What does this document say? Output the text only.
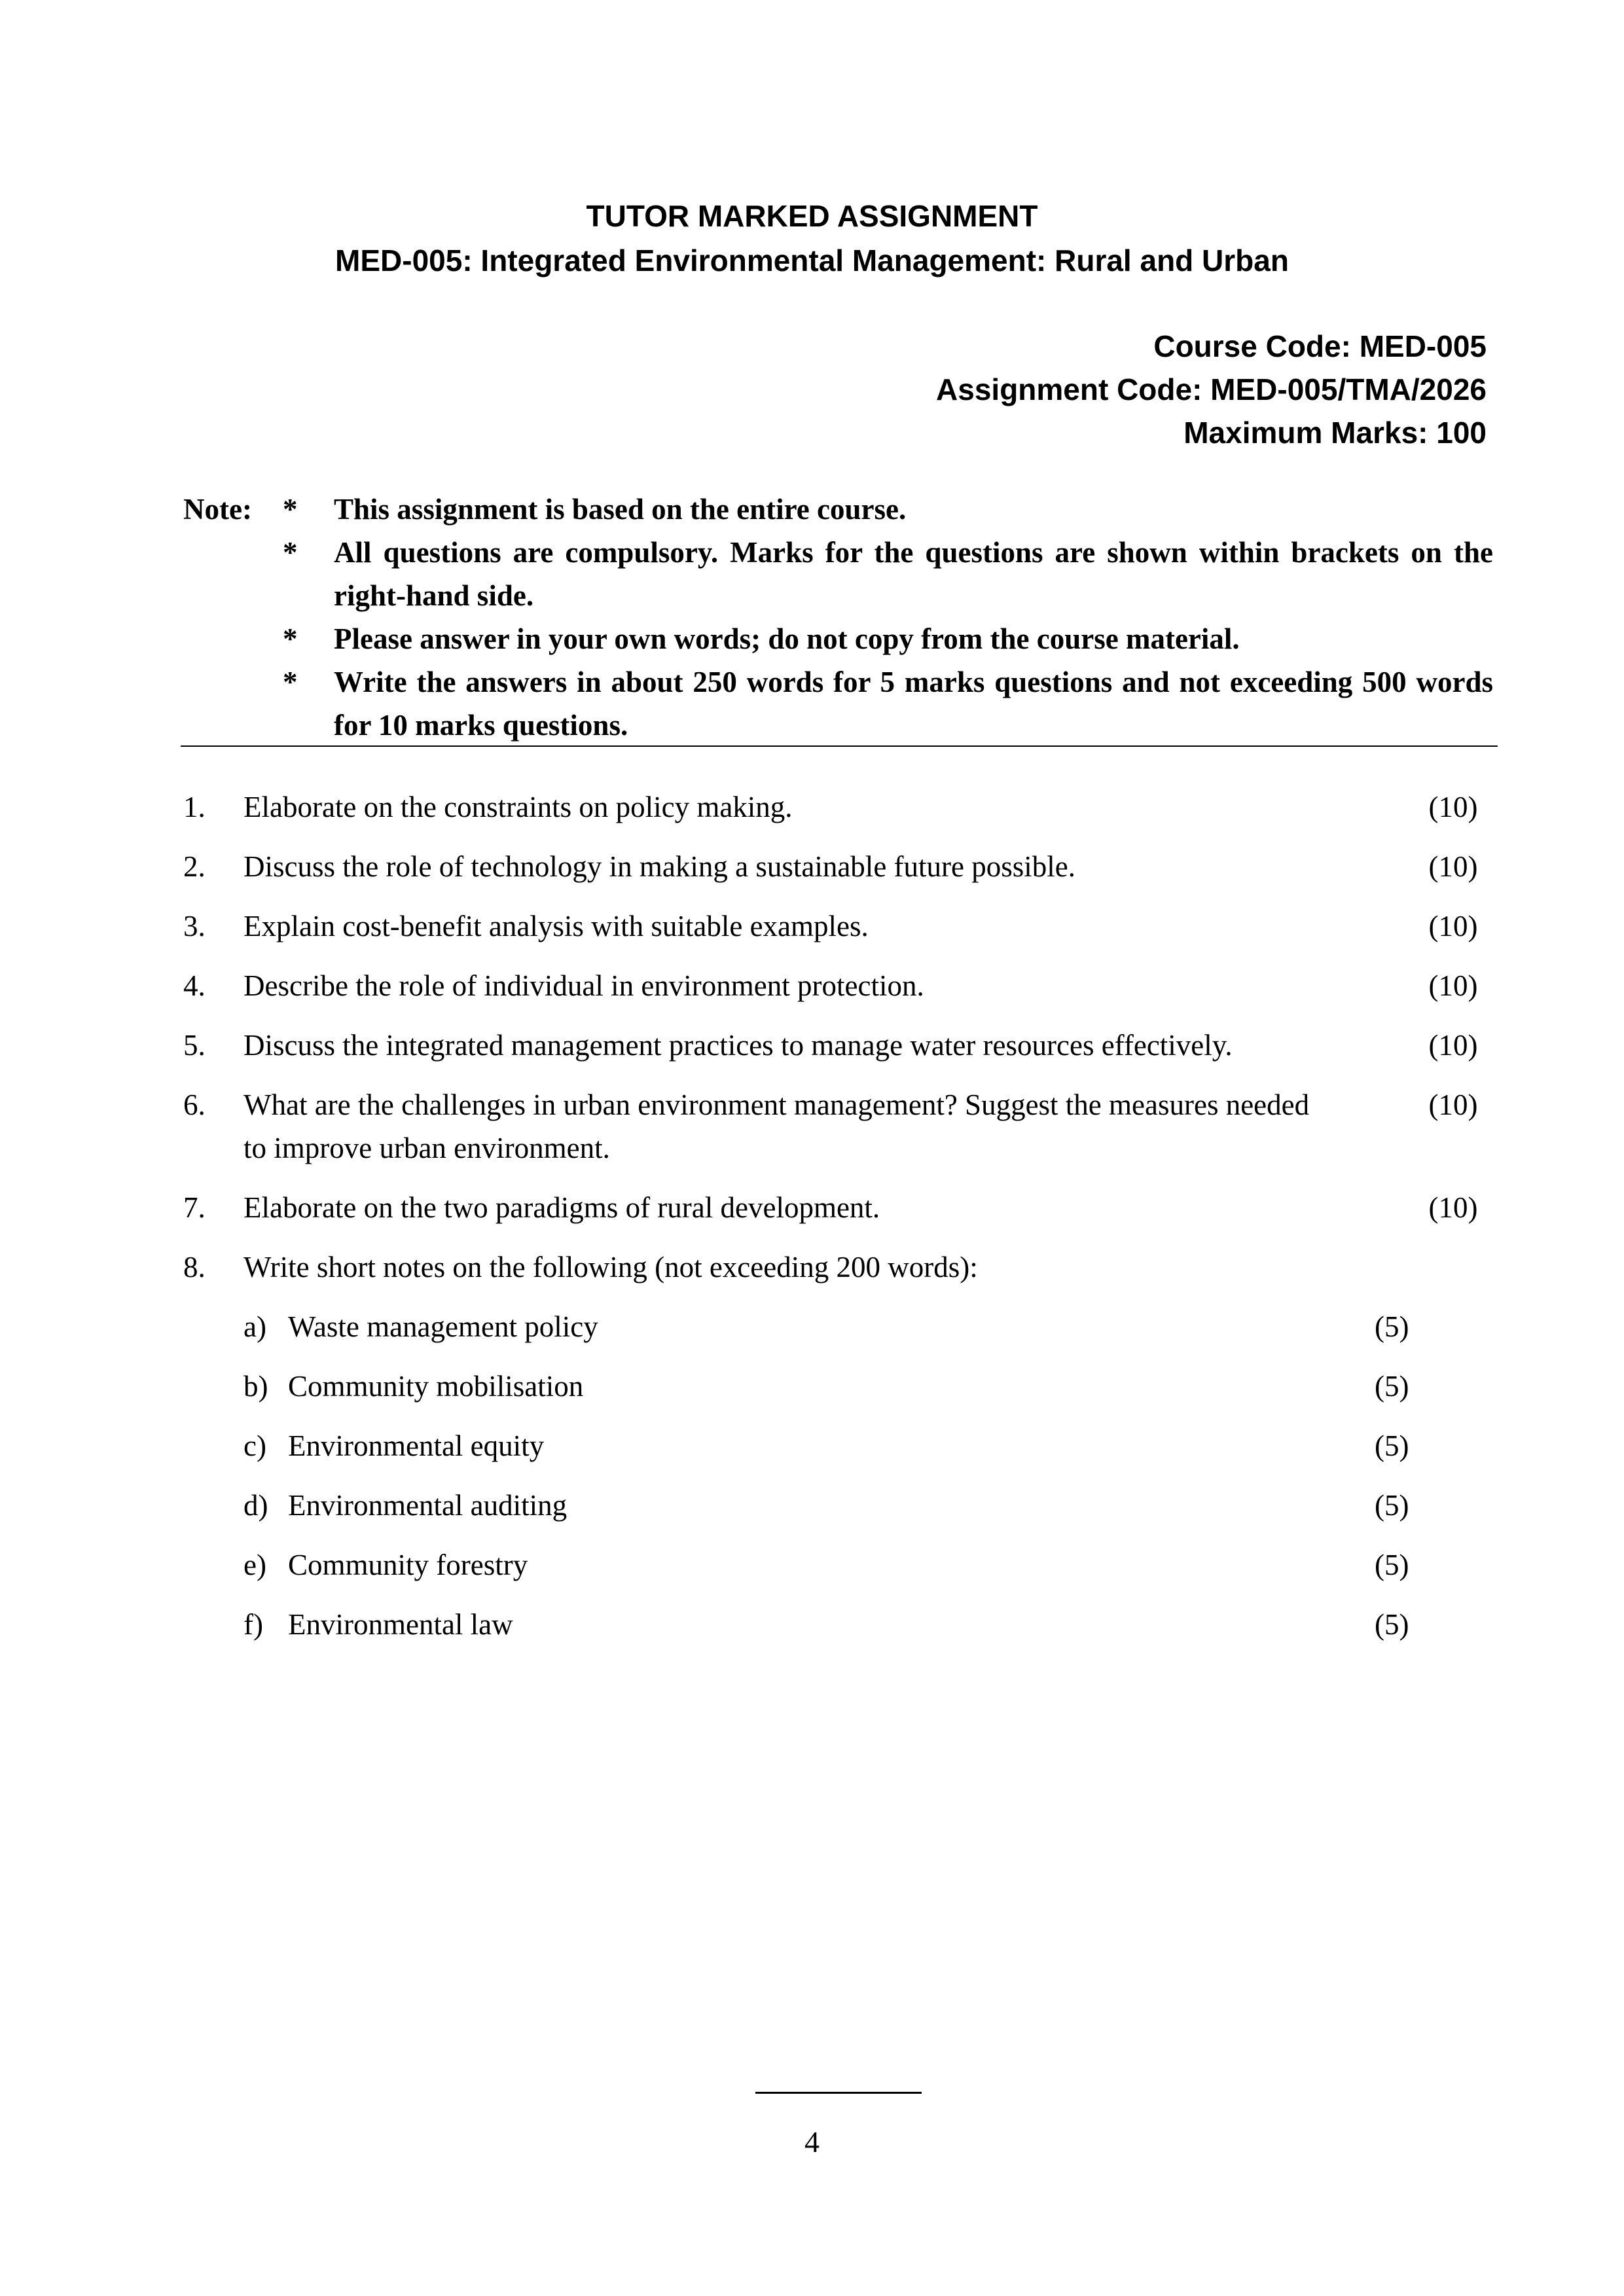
TUTOR MARKED ASSIGNMENT
MED-005: Integrated Environmental Management: Rural and Urban
Course Code: MED-005
Assignment Code: MED-005/TMA/2026
Maximum Marks: 100
Note: * This assignment is based on the entire course.
* All questions are compulsory. Marks for the questions are shown within brackets on the right-hand side.
* Please answer in your own words; do not copy from the course material.
* Write the answers in about 250 words for 5 marks questions and not exceeding 500 words for 10 marks questions.
1. Elaborate on the constraints on policy making.	(10)
2. Discuss the role of technology in making a sustainable future possible.	(10)
3. Explain cost-benefit analysis with suitable examples.	(10)
4. Describe the role of individual in environment protection.	(10)
5. Discuss the integrated management practices to manage water resources effectively.	(10)
6. What are the challenges in urban environment management? Suggest the measures needed to improve urban environment.
(10)
7. Elaborate on the two paradigms of rural development.	(10)
8. Write short notes on the following (not exceeding 200 words):
a) Waste management policy	(5)
b) Community mobilisation	(5)
c) Environmental equity	(5)
d) Environmental auditing	(5)
e) Community forestry	(5)
f) Environmental law	(5)
4
